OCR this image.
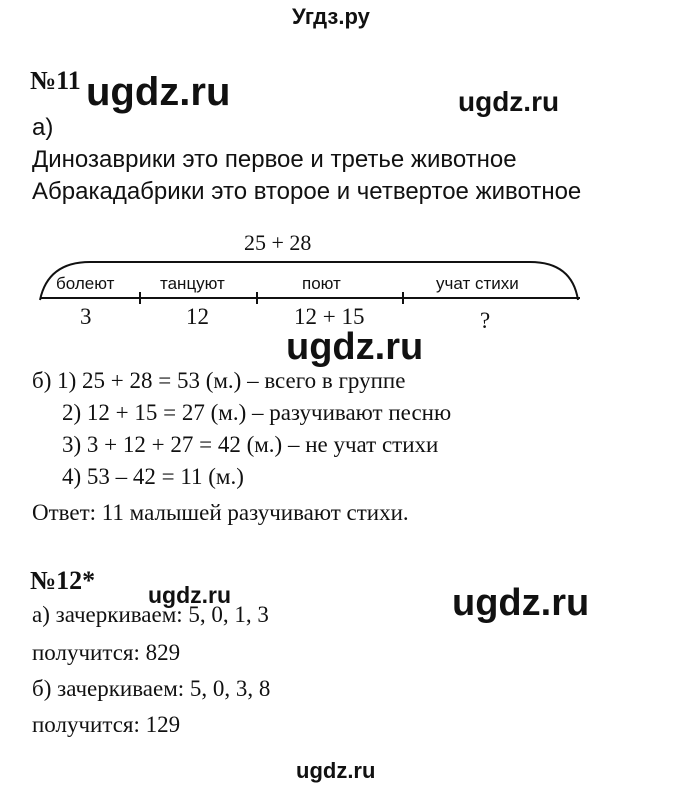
Угдз.ру
№11 ugdz.ru	ugdz.ru
а)
Динозаврики это первое и третье животное
Абракадабрики это второе и четвертое животное
25 + 28
болеют	танцуют	поют	учат стихи
3	12	12 + 15	?
ugdz.ru
б) 1) 25 + 28 = 53 (м.) – всего в группе
2) 12 + 15 = 27 (м.) – разучивают песню
3) 3 + 12 + 27 = 42 (м.) – не учат стихи
4) 53 – 42 = 11 (м.)
Ответ: 11 малышей разучивают стихи.
№12* ugdz.ru	ugdz.ru
а) зачеркиваем: 5, 0, 1, 3
получится: 829
б) зачеркиваем: 5, 0, 3, 8
получится: 129
ugdz.ru
